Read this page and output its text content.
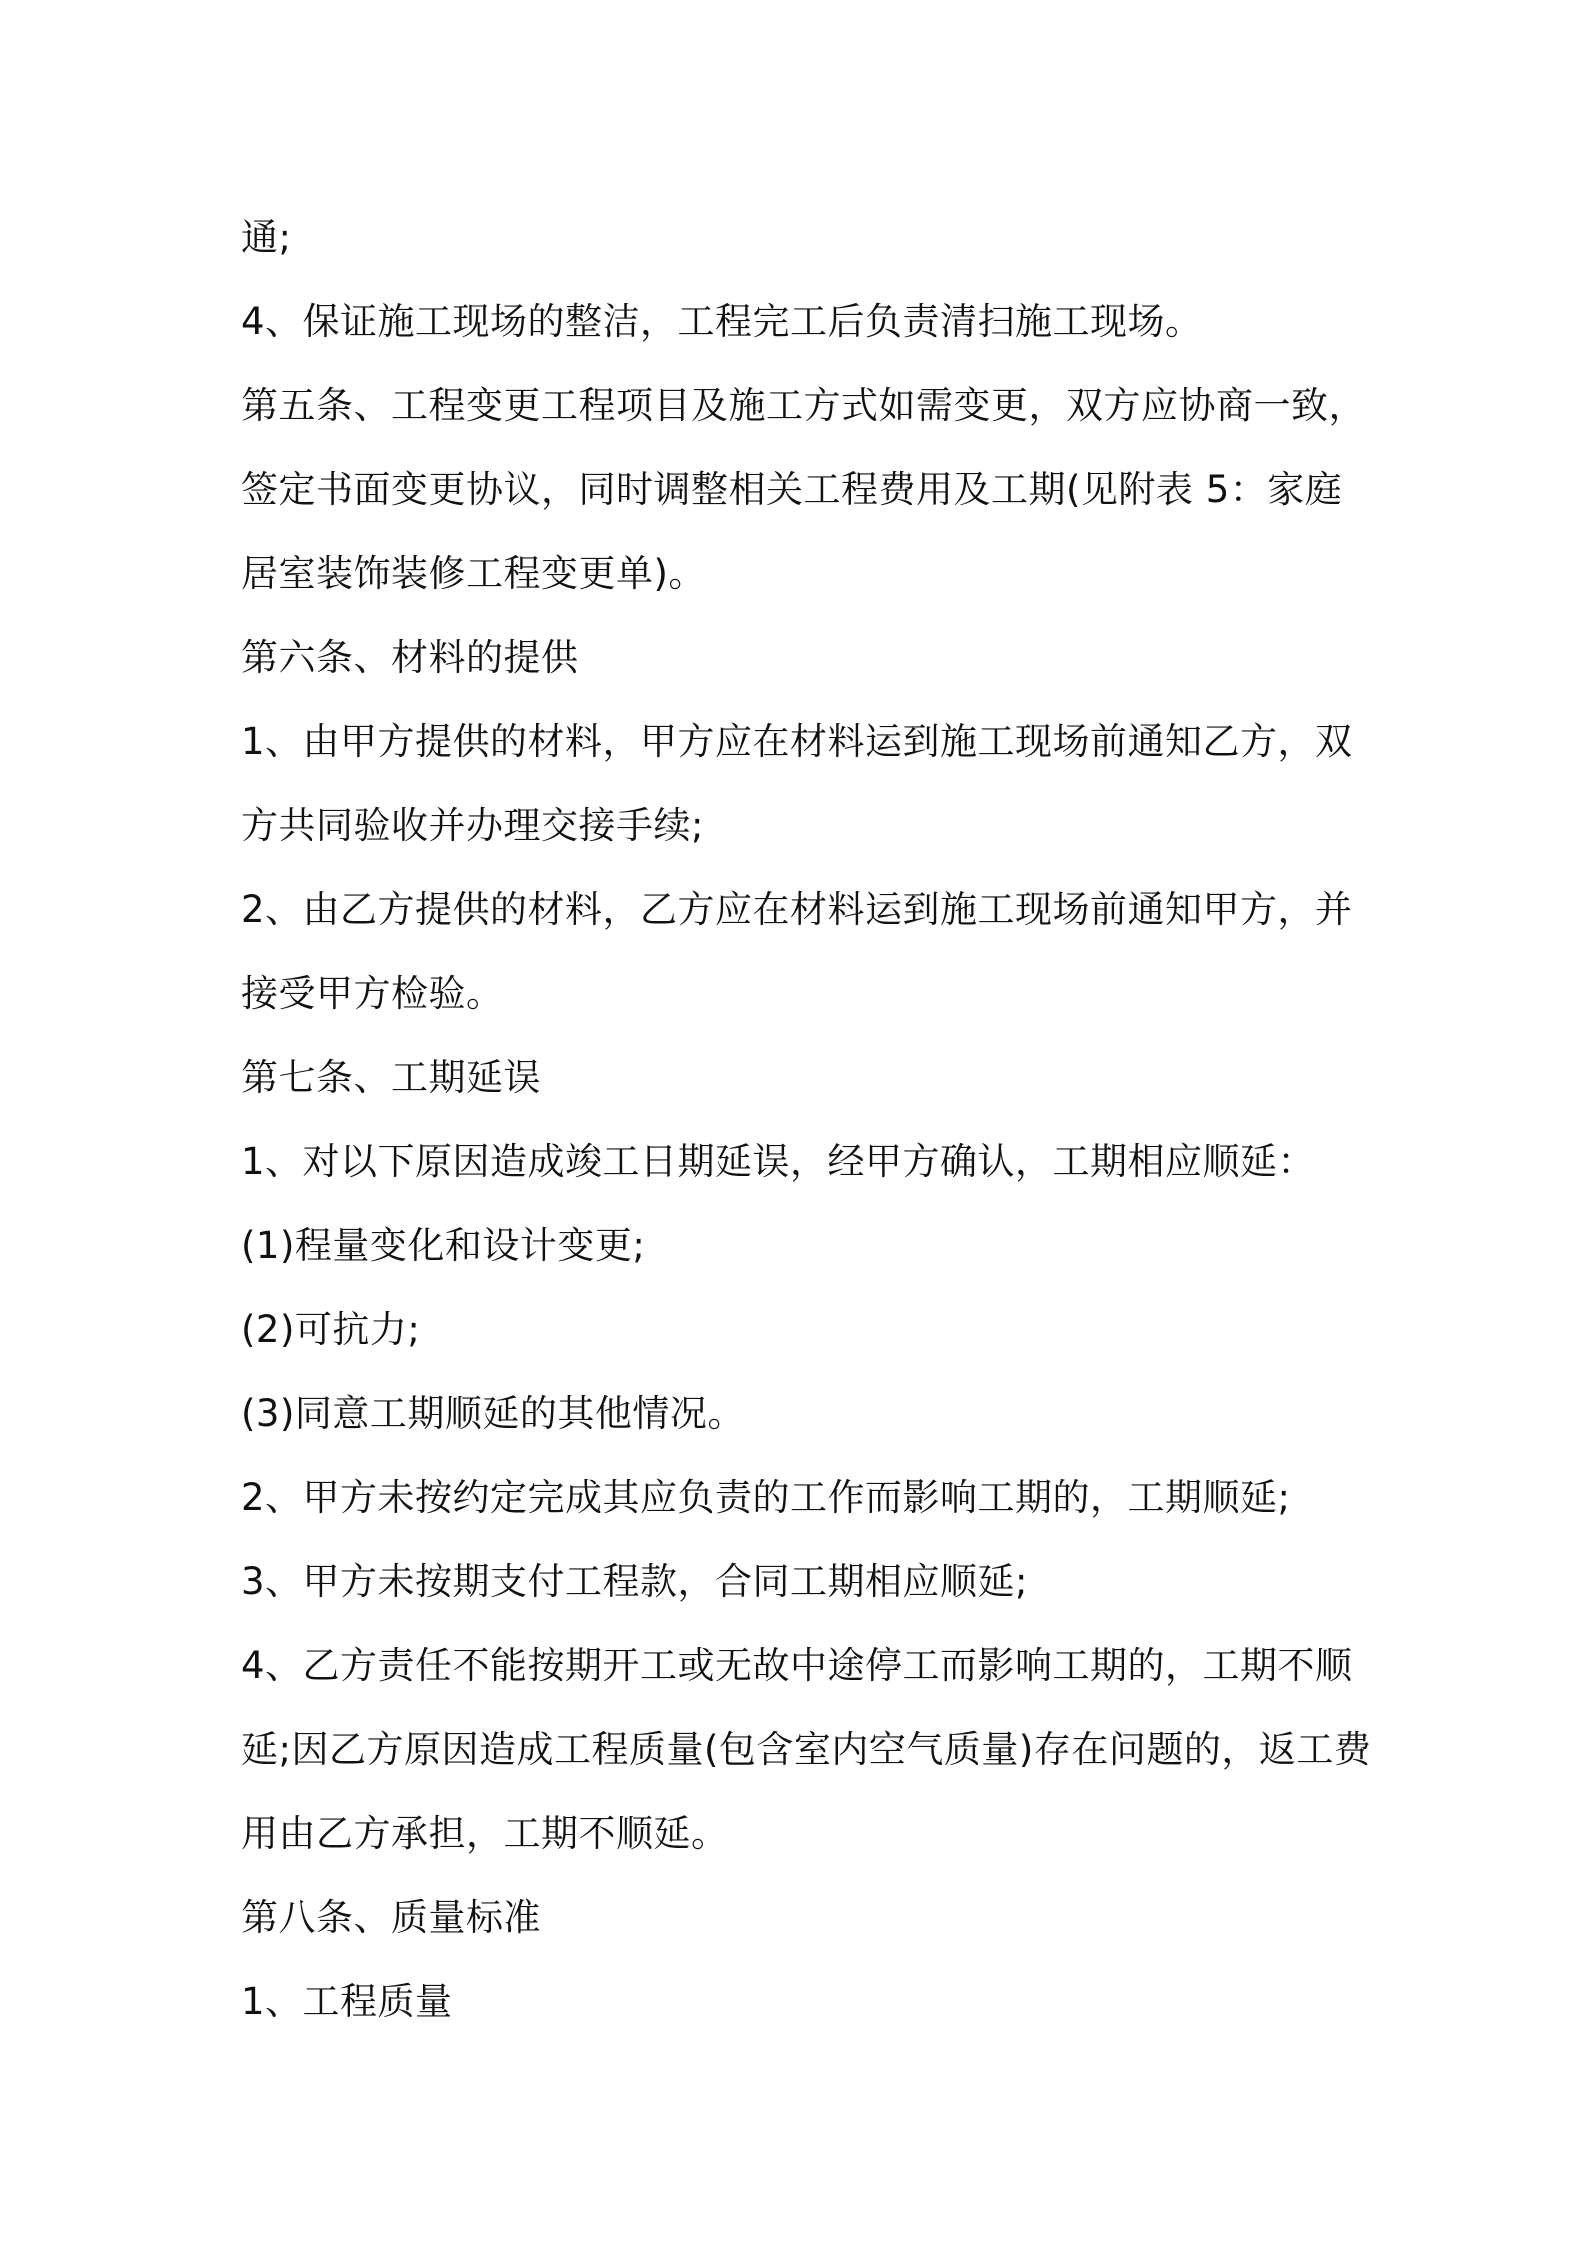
通;

4、保证施工现场的整洁，工程完工后负责清扫施工现场。

第五条、工程变更工程项目及施工方式如需变更，双方应协商一致，
签定书面变更协议，同时调整相关工程费用及工期(见附表 5：家庭
居室装饰装修工程变更单)。

第六条、材料的提供

1、由甲方提供的材料，甲方应在材料运到施工现场前通知乙方，双
方共同验收并办理交接手续;

2、由乙方提供的材料，乙方应在材料运到施工现场前通知甲方，并
接受甲方检验。

第七条、工期延误

1、对以下原因造成竣工日期延误，经甲方确认，工期相应顺延：

(1)程量变化和设计变更;

(2)可抗力;

(3)同意工期顺延的其他情况。

2、甲方未按约定完成其应负责的工作而影响工期的，工期顺延;

3、甲方未按期支付工程款，合同工期相应顺延;

4、乙方责任不能按期开工或无故中途停工而影响工期的，工期不顺
延;因乙方原因造成工程质量(包含室内空气质量)存在问题的，返工费
用由乙方承担，工期不顺延。

第八条、质量标准

1、工程质量
